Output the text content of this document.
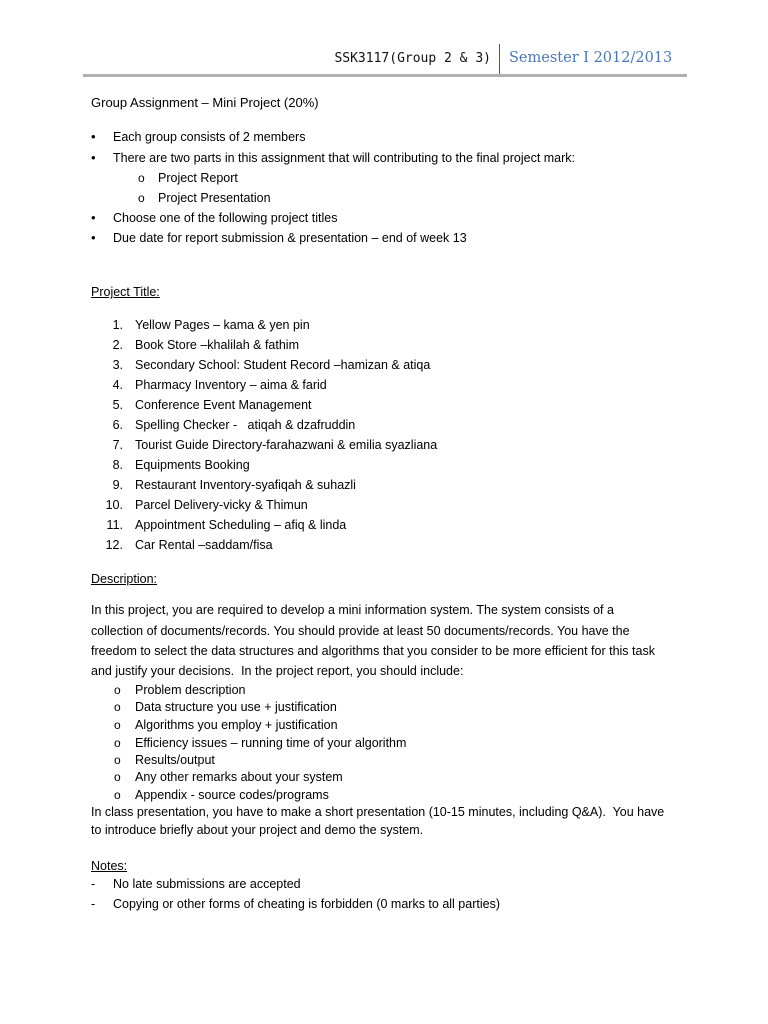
SSK3117(Group 2 & 3) Semester I 2012/2013
Group Assignment – Mini Project (20%)
• Each group consists of 2 members
• There are two parts in this assignment that will contributing to the final project mark:
o Project Report
o Project Presentation
• Choose one of the following project titles
• Due date for report submission & presentation – end of week 13
Project Title:
1. Yellow Pages – kama & yen pin
2. Book Store –khalilah & fathim
3. Secondary School: Student Record –hamizan & atiqa
4. Pharmacy Inventory – aima & farid
5. Conference Event Management
6. Spelling Checker -   atiqah & dzafruddin
7. Tourist Guide Directory-farahazwani & emilia syazliana
8. Equipments Booking
9. Restaurant Inventory-syafiqah & suhazli
10. Parcel Delivery-vicky & Thimun
11. Appointment Scheduling – afiq & linda
12. Car Rental –saddam/fisa
Description:
In this project, you are required to develop a mini information system. The system consists of a
collection of documents/records. You should provide at least 50 documents/records. You have the
freedom to select the data structures and algorithms that you consider to be more efficient for this task
and justify your decisions.  In the project report, you should include:
o Problem description
o Data structure you use + justification
o Algorithms you employ + justification
o Efficiency issues – running time of your algorithm
o Results/output
o Any other remarks about your system
o Appendix - source codes/programs
In class presentation, you have to make a short presentation (10-15 minutes, including Q&A).  You have
to introduce briefly about your project and demo the system.
Notes:
- No late submissions are accepted
- Copying or other forms of cheating is forbidden (0 marks to all parties)
